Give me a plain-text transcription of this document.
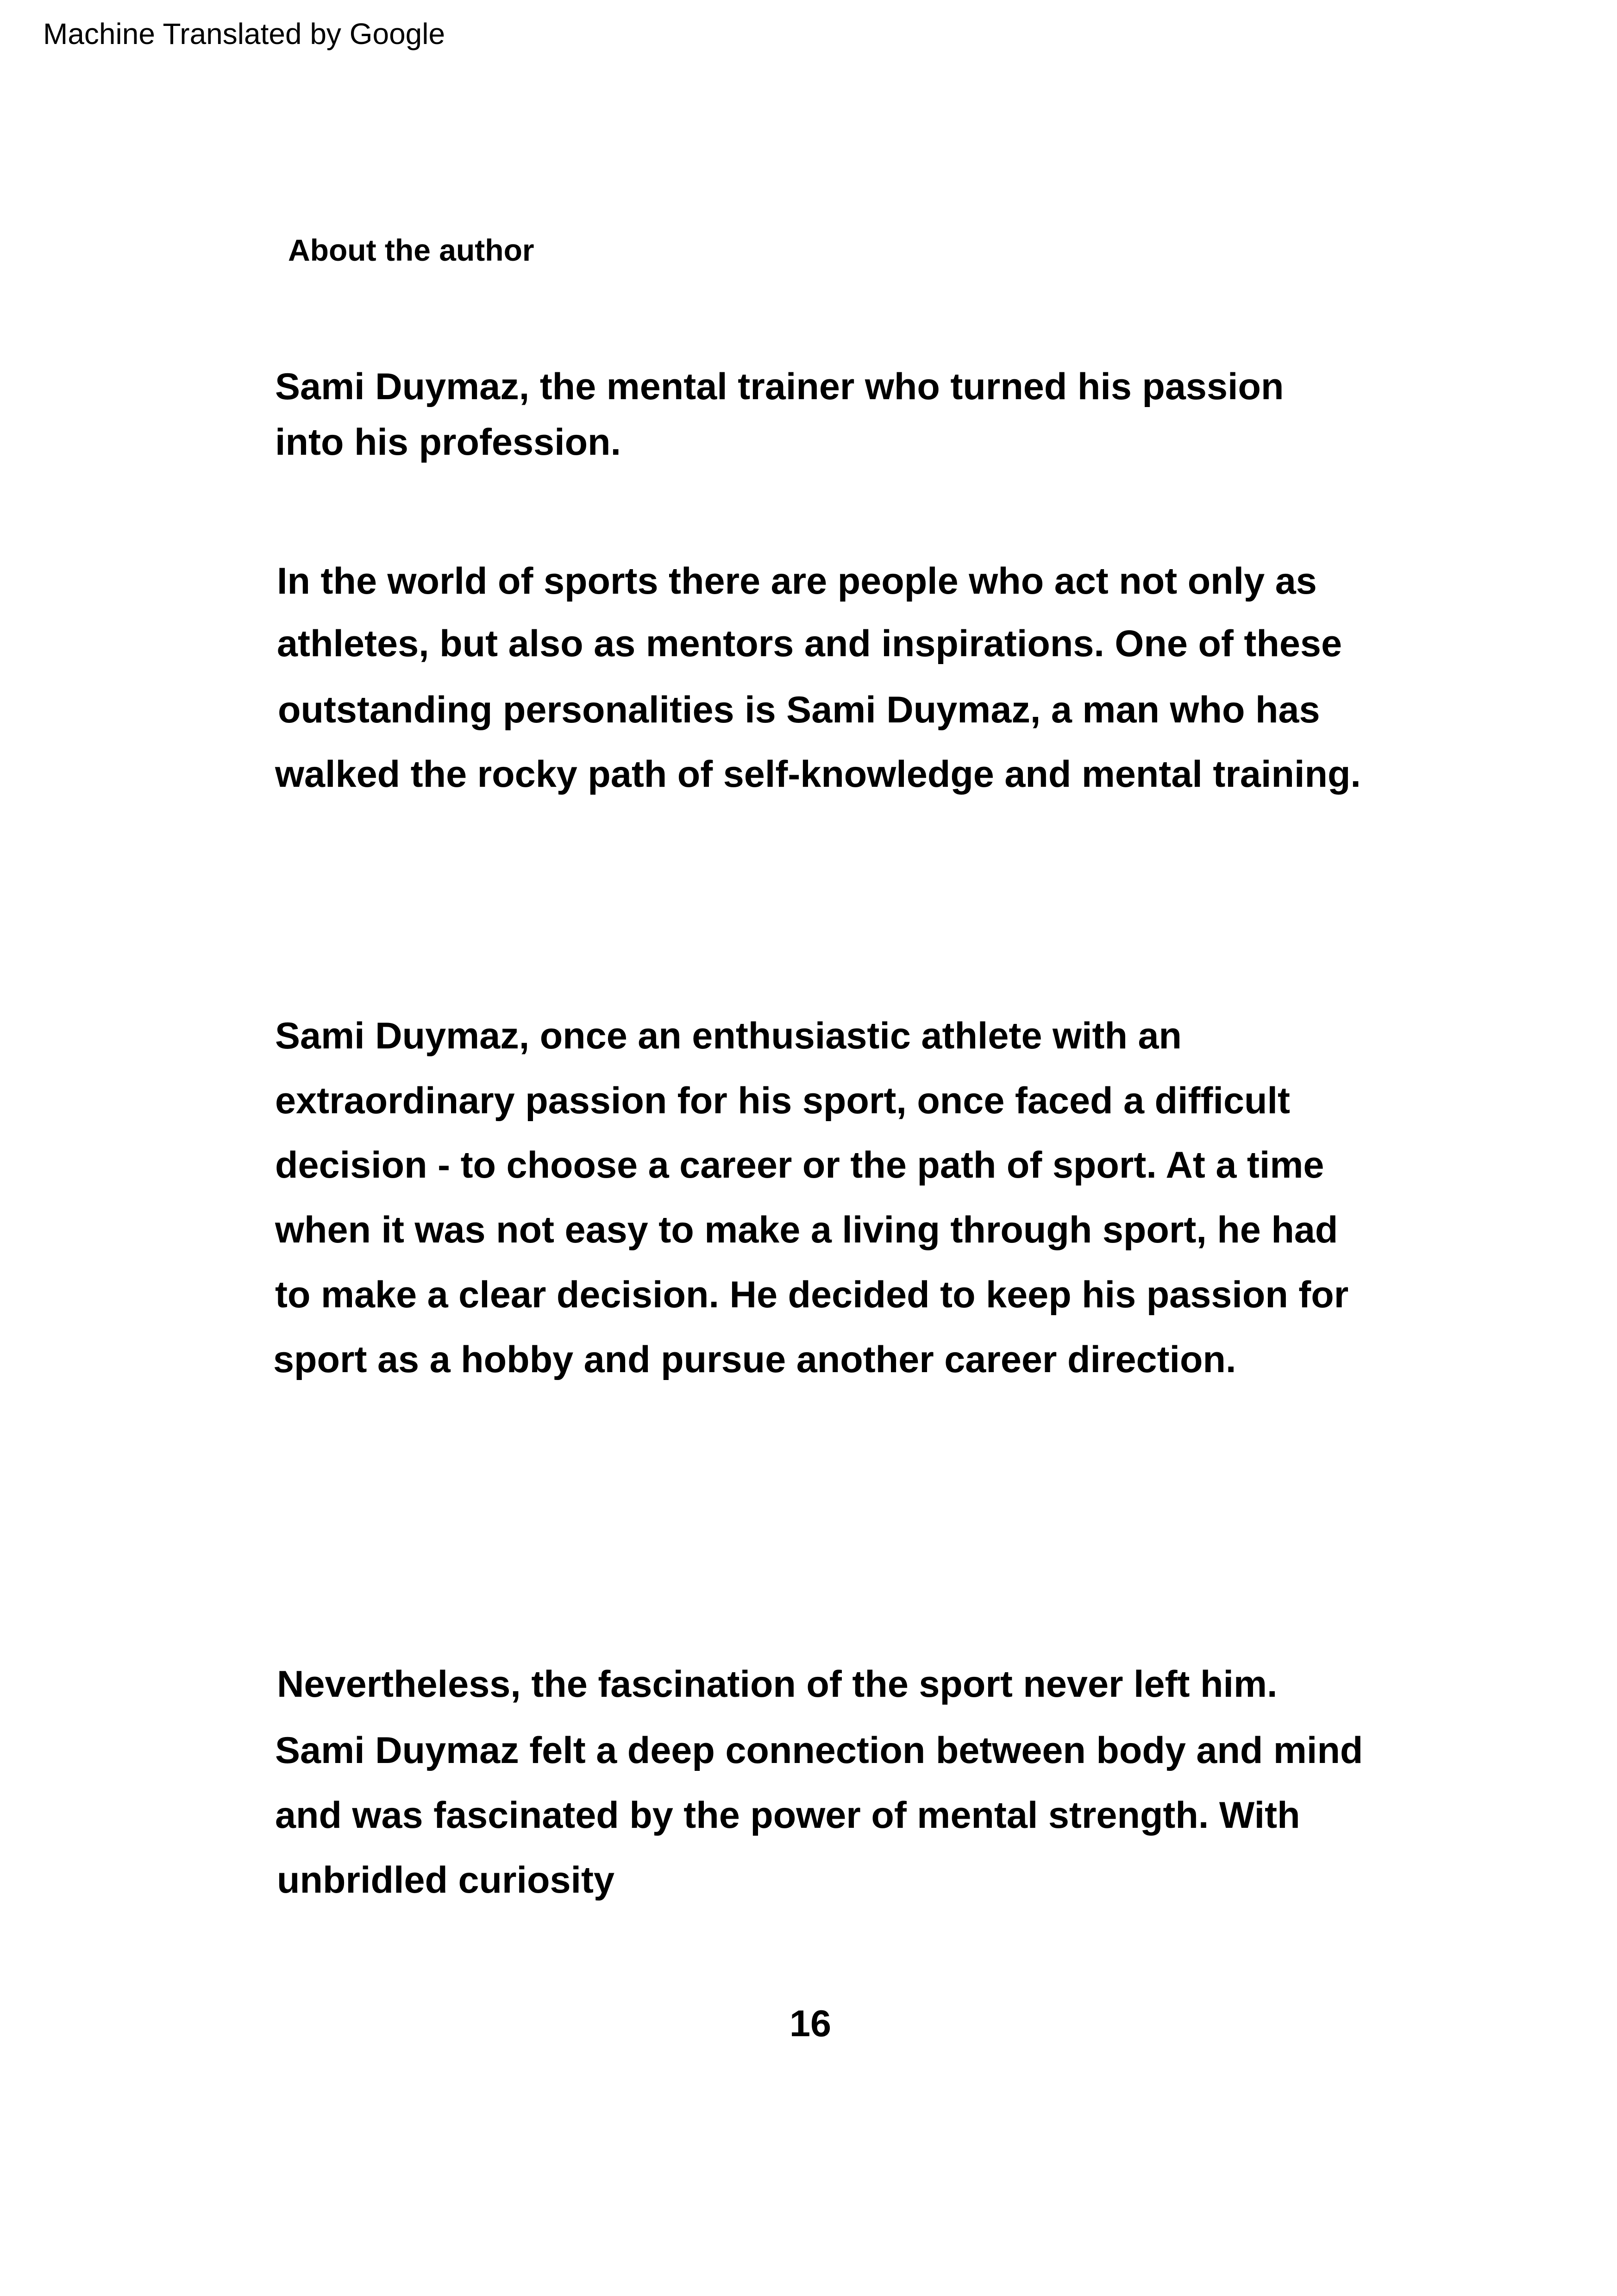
Machine Translated by Google
About the author
Sami Duymaz, the mental trainer who turned his passion
into his profession.
In the world of sports there are people who act not only as
athletes, but also as mentors and inspirations. One of these
outstanding personalities is Sami Duymaz, a man who has
walked the rocky path of self-knowledge and mental training.
Sami Duymaz, once an enthusiastic athlete with an
extraordinary passion for his sport, once faced a difficult
decision - to choose a career or the path of sport. At a time
when it was not easy to make a living through sport, he had
to make a clear decision. He decided to keep his passion for
sport as a hobby and pursue another career direction.
Nevertheless, the fascination of the sport never left him.
Sami Duymaz felt a deep connection between body and mind
and was fascinated by the power of mental strength. With
unbridled curiosity
16
